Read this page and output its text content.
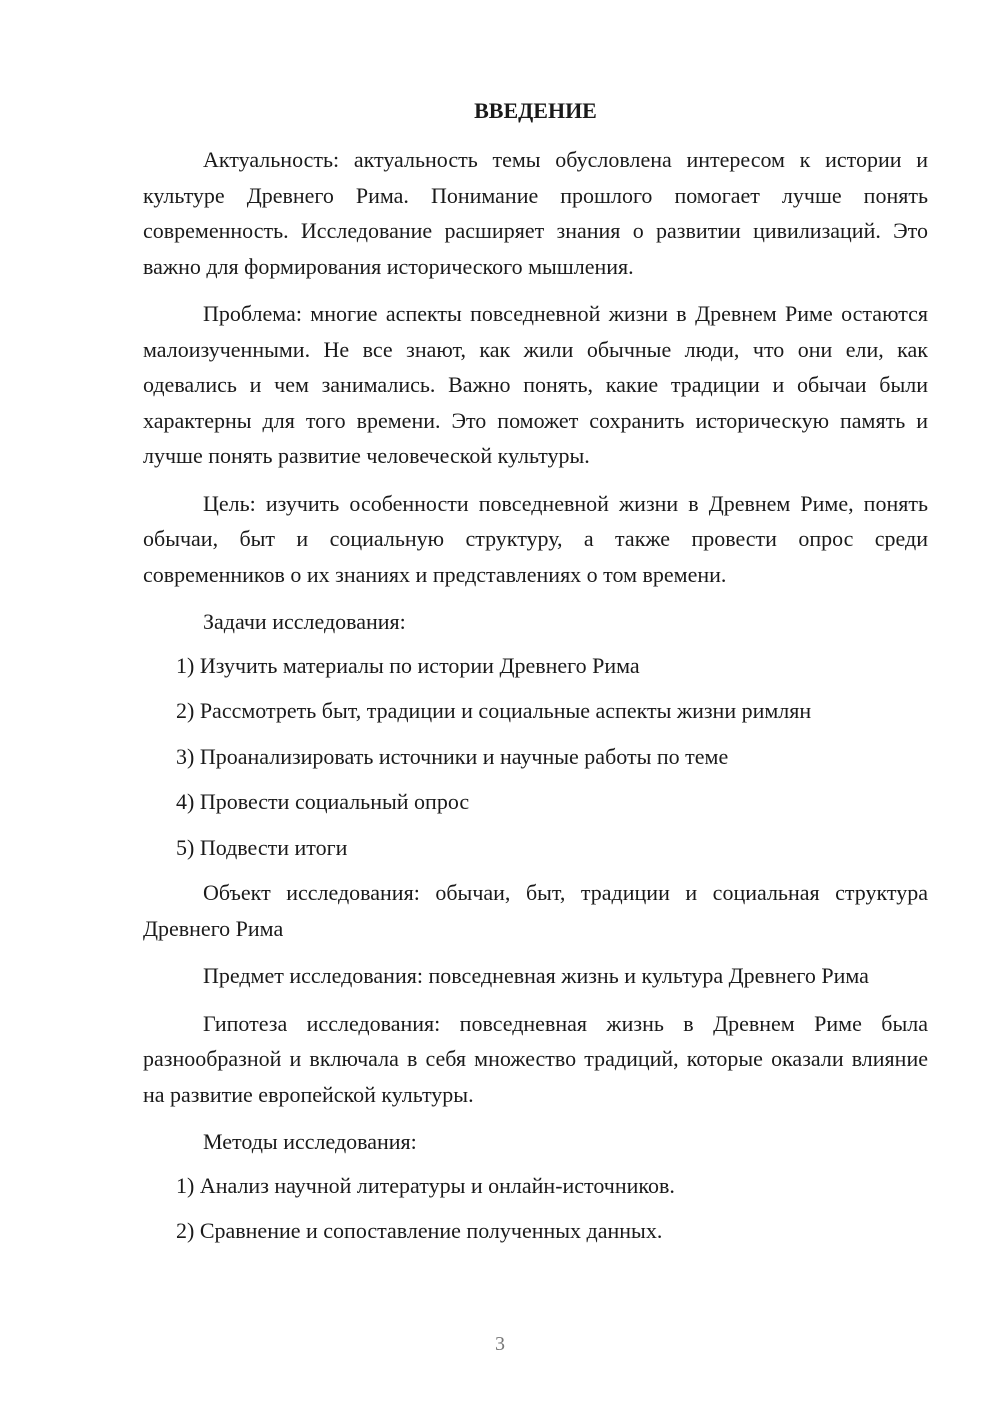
ВВЕДЕНИЕ

Актуальность: актуальность темы обусловлена интересом к истории и культуре Древнего Рима. Понимание прошлого помогает лучше понять современность. Исследование расширяет знания о развитии цивилизаций. Это важно для формирования исторического мышления.

Проблема: многие аспекты повседневной жизни в Древнем Риме остаются малоизученными. Не все знают, как жили обычные люди, что они ели, как одевались и чем занимались. Важно понять, какие традиции и обычаи были характерны для того времени. Это поможет сохранить историческую память и лучше понять развитие человеческой культуры.

Цель: изучить особенности повседневной жизни в Древнем Риме, понять обычаи, быт и социальную структуру, а также провести опрос среди современников о их знаниях и представлениях о том времени.

Задачи исследования:
1) Изучить материалы по истории Древнего Рима
2) Рассмотреть быт, традиции и социальные аспекты жизни римлян
3) Проанализировать источники и научные работы по теме
4) Провести социальный опрос
5) Подвести итоги

Объект исследования: обычаи, быт, традиции и социальная структура Древнего Рима

Предмет исследования: повседневная жизнь и культура Древнего Рима

Гипотеза исследования: повседневная жизнь в Древнем Риме была разнообразной и включала в себя множество традиций, которые оказали влияние на развитие европейской культуры.

Методы исследования:
1) Анализ научной литературы и онлайн-источников.
2) Сравнение и сопоставление полученных данных.
3
